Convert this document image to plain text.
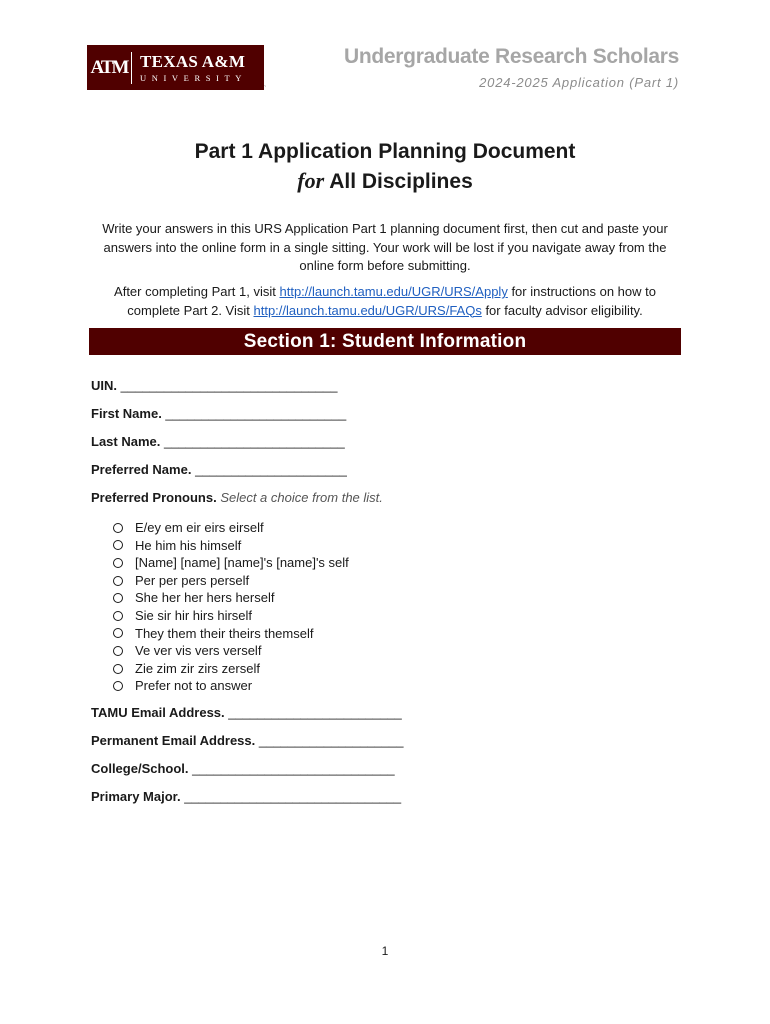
ATM TEXAS A&M
UNIVERSITY
`
Undergraduate Research Scholars
2024-2025 Application (Part 1)
Part 1 Application Planning Document
for All Disciplines

Write your answers in this URS Application Part 1 planning document first, then cut and paste your answers into the online form in a single sitting. Your work will be lost if you navigate away from the online form before submitting.

After completing Part 1, visit http://launch.tamu.edu/UGR/URS/Apply for instructions on how to complete Part 2. Visit http://launch.tamu.edu/UGR/URS/FAQs for faculty advisor eligibility.

Section 1: Student Information
UIN. ______________________________
First Name. _________________________
Last Name. _________________________
Preferred Name. _____________________
Preferred Pronouns. Select a choice from the list.
E/ey em eir eirs eirself
He him his himself
[Name] [name] [name]'s [name]'s self
Per per pers perself
She her her hers herself
Sie sir hir hirs hirself
They them their theirs themself
Ve ver vis vers verself
Zie zim zir zirs zerself
Prefer not to answer
TAMU Email Address. ________________________
Permanent Email Address. ____________________
College/School. ____________________________
Primary Major. ______________________________
1
